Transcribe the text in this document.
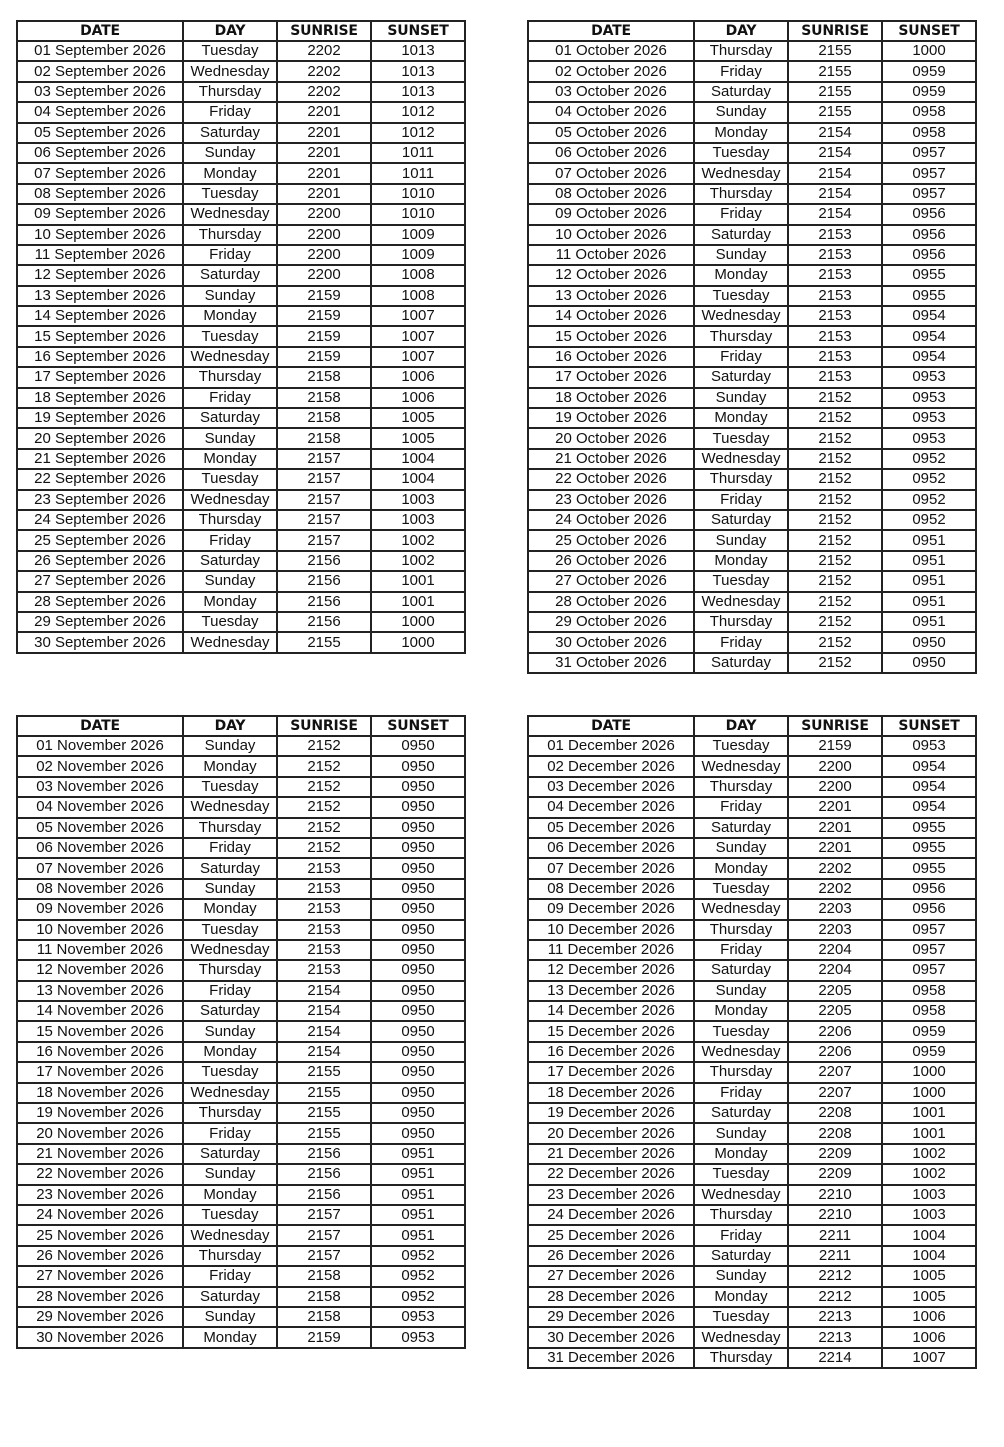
DATE	DAY	SUNRISE	SUNSET
01 September 2026	Tuesday	2202	1013
02 September 2026	Wednesday	2202	1013
03 September 2026	Thursday	2202	1013
04 September 2026	Friday	2201	1012
05 September 2026	Saturday	2201	1012
06 September 2026	Sunday	2201	1011
07 September 2026	Monday	2201	1011
08 September 2026	Tuesday	2201	1010
09 September 2026	Wednesday	2200	1010
10 September 2026	Thursday	2200	1009
11 September 2026	Friday	2200	1009
12 September 2026	Saturday	2200	1008
13 September 2026	Sunday	2159	1008
14 September 2026	Monday	2159	1007
15 September 2026	Tuesday	2159	1007
16 September 2026	Wednesday	2159	1007
17 September 2026	Thursday	2158	1006
18 September 2026	Friday	2158	1006
19 September 2026	Saturday	2158	1005
20 September 2026	Sunday	2158	1005
21 September 2026	Monday	2157	1004
22 September 2026	Tuesday	2157	1004
23 September 2026	Wednesday	2157	1003
24 September 2026	Thursday	2157	1003
25 September 2026	Friday	2157	1002
26 September 2026	Saturday	2156	1002
27 September 2026	Sunday	2156	1001
28 September 2026	Monday	2156	1001
29 September 2026	Tuesday	2156	1000
30 September 2026	Wednesday	2155	1000
DATE	DAY	SUNRISE	SUNSET
01 October 2026	Thursday	2155	1000
02 October 2026	Friday	2155	0959
03 October 2026	Saturday	2155	0959
04 October 2026	Sunday	2155	0958
05 October 2026	Monday	2154	0958
06 October 2026	Tuesday	2154	0957
07 October 2026	Wednesday	2154	0957
08 October 2026	Thursday	2154	0957
09 October 2026	Friday	2154	0956
10 October 2026	Saturday	2153	0956
11 October 2026	Sunday	2153	0956
12 October 2026	Monday	2153	0955
13 October 2026	Tuesday	2153	0955
14 October 2026	Wednesday	2153	0954
15 October 2026	Thursday	2153	0954
16 October 2026	Friday	2153	0954
17 October 2026	Saturday	2153	0953
18 October 2026	Sunday	2152	0953
19 October 2026	Monday	2152	0953
20 October 2026	Tuesday	2152	0953
21 October 2026	Wednesday	2152	0952
22 October 2026	Thursday	2152	0952
23 October 2026	Friday	2152	0952
24 October 2026	Saturday	2152	0952
25 October 2026	Sunday	2152	0951
26 October 2026	Monday	2152	0951
27 October 2026	Tuesday	2152	0951
28 October 2026	Wednesday	2152	0951
29 October 2026	Thursday	2152	0951
30 October 2026	Friday	2152	0950
31 October 2026	Saturday	2152	0950
DATE	DAY	SUNRISE	SUNSET
01 November 2026	Sunday	2152	0950
02 November 2026	Monday	2152	0950
03 November 2026	Tuesday	2152	0950
04 November 2026	Wednesday	2152	0950
05 November 2026	Thursday	2152	0950
06 November 2026	Friday	2152	0950
07 November 2026	Saturday	2153	0950
08 November 2026	Sunday	2153	0950
09 November 2026	Monday	2153	0950
10 November 2026	Tuesday	2153	0950
11 November 2026	Wednesday	2153	0950
12 November 2026	Thursday	2153	0950
13 November 2026	Friday	2154	0950
14 November 2026	Saturday	2154	0950
15 November 2026	Sunday	2154	0950
16 November 2026	Monday	2154	0950
17 November 2026	Tuesday	2155	0950
18 November 2026	Wednesday	2155	0950
19 November 2026	Thursday	2155	0950
20 November 2026	Friday	2155	0950
21 November 2026	Saturday	2156	0951
22 November 2026	Sunday	2156	0951
23 November 2026	Monday	2156	0951
24 November 2026	Tuesday	2157	0951
25 November 2026	Wednesday	2157	0951
26 November 2026	Thursday	2157	0952
27 November 2026	Friday	2158	0952
28 November 2026	Saturday	2158	0952
29 November 2026	Sunday	2158	0953
30 November 2026	Monday	2159	0953
DATE	DAY	SUNRISE	SUNSET
01 December 2026	Tuesday	2159	0953
02 December 2026	Wednesday	2200	0954
03 December 2026	Thursday	2200	0954
04 December 2026	Friday	2201	0954
05 December 2026	Saturday	2201	0955
06 December 2026	Sunday	2201	0955
07 December 2026	Monday	2202	0955
08 December 2026	Tuesday	2202	0956
09 December 2026	Wednesday	2203	0956
10 December 2026	Thursday	2203	0957
11 December 2026	Friday	2204	0957
12 December 2026	Saturday	2204	0957
13 December 2026	Sunday	2205	0958
14 December 2026	Monday	2205	0958
15 December 2026	Tuesday	2206	0959
16 December 2026	Wednesday	2206	0959
17 December 2026	Thursday	2207	1000
18 December 2026	Friday	2207	1000
19 December 2026	Saturday	2208	1001
20 December 2026	Sunday	2208	1001
21 December 2026	Monday	2209	1002
22 December 2026	Tuesday	2209	1002
23 December 2026	Wednesday	2210	1003
24 December 2026	Thursday	2210	1003
25 December 2026	Friday	2211	1004
26 December 2026	Saturday	2211	1004
27 December 2026	Sunday	2212	1005
28 December 2026	Monday	2212	1005
29 December 2026	Tuesday	2213	1006
30 December 2026	Wednesday	2213	1006
31 December 2026	Thursday	2214	1007
